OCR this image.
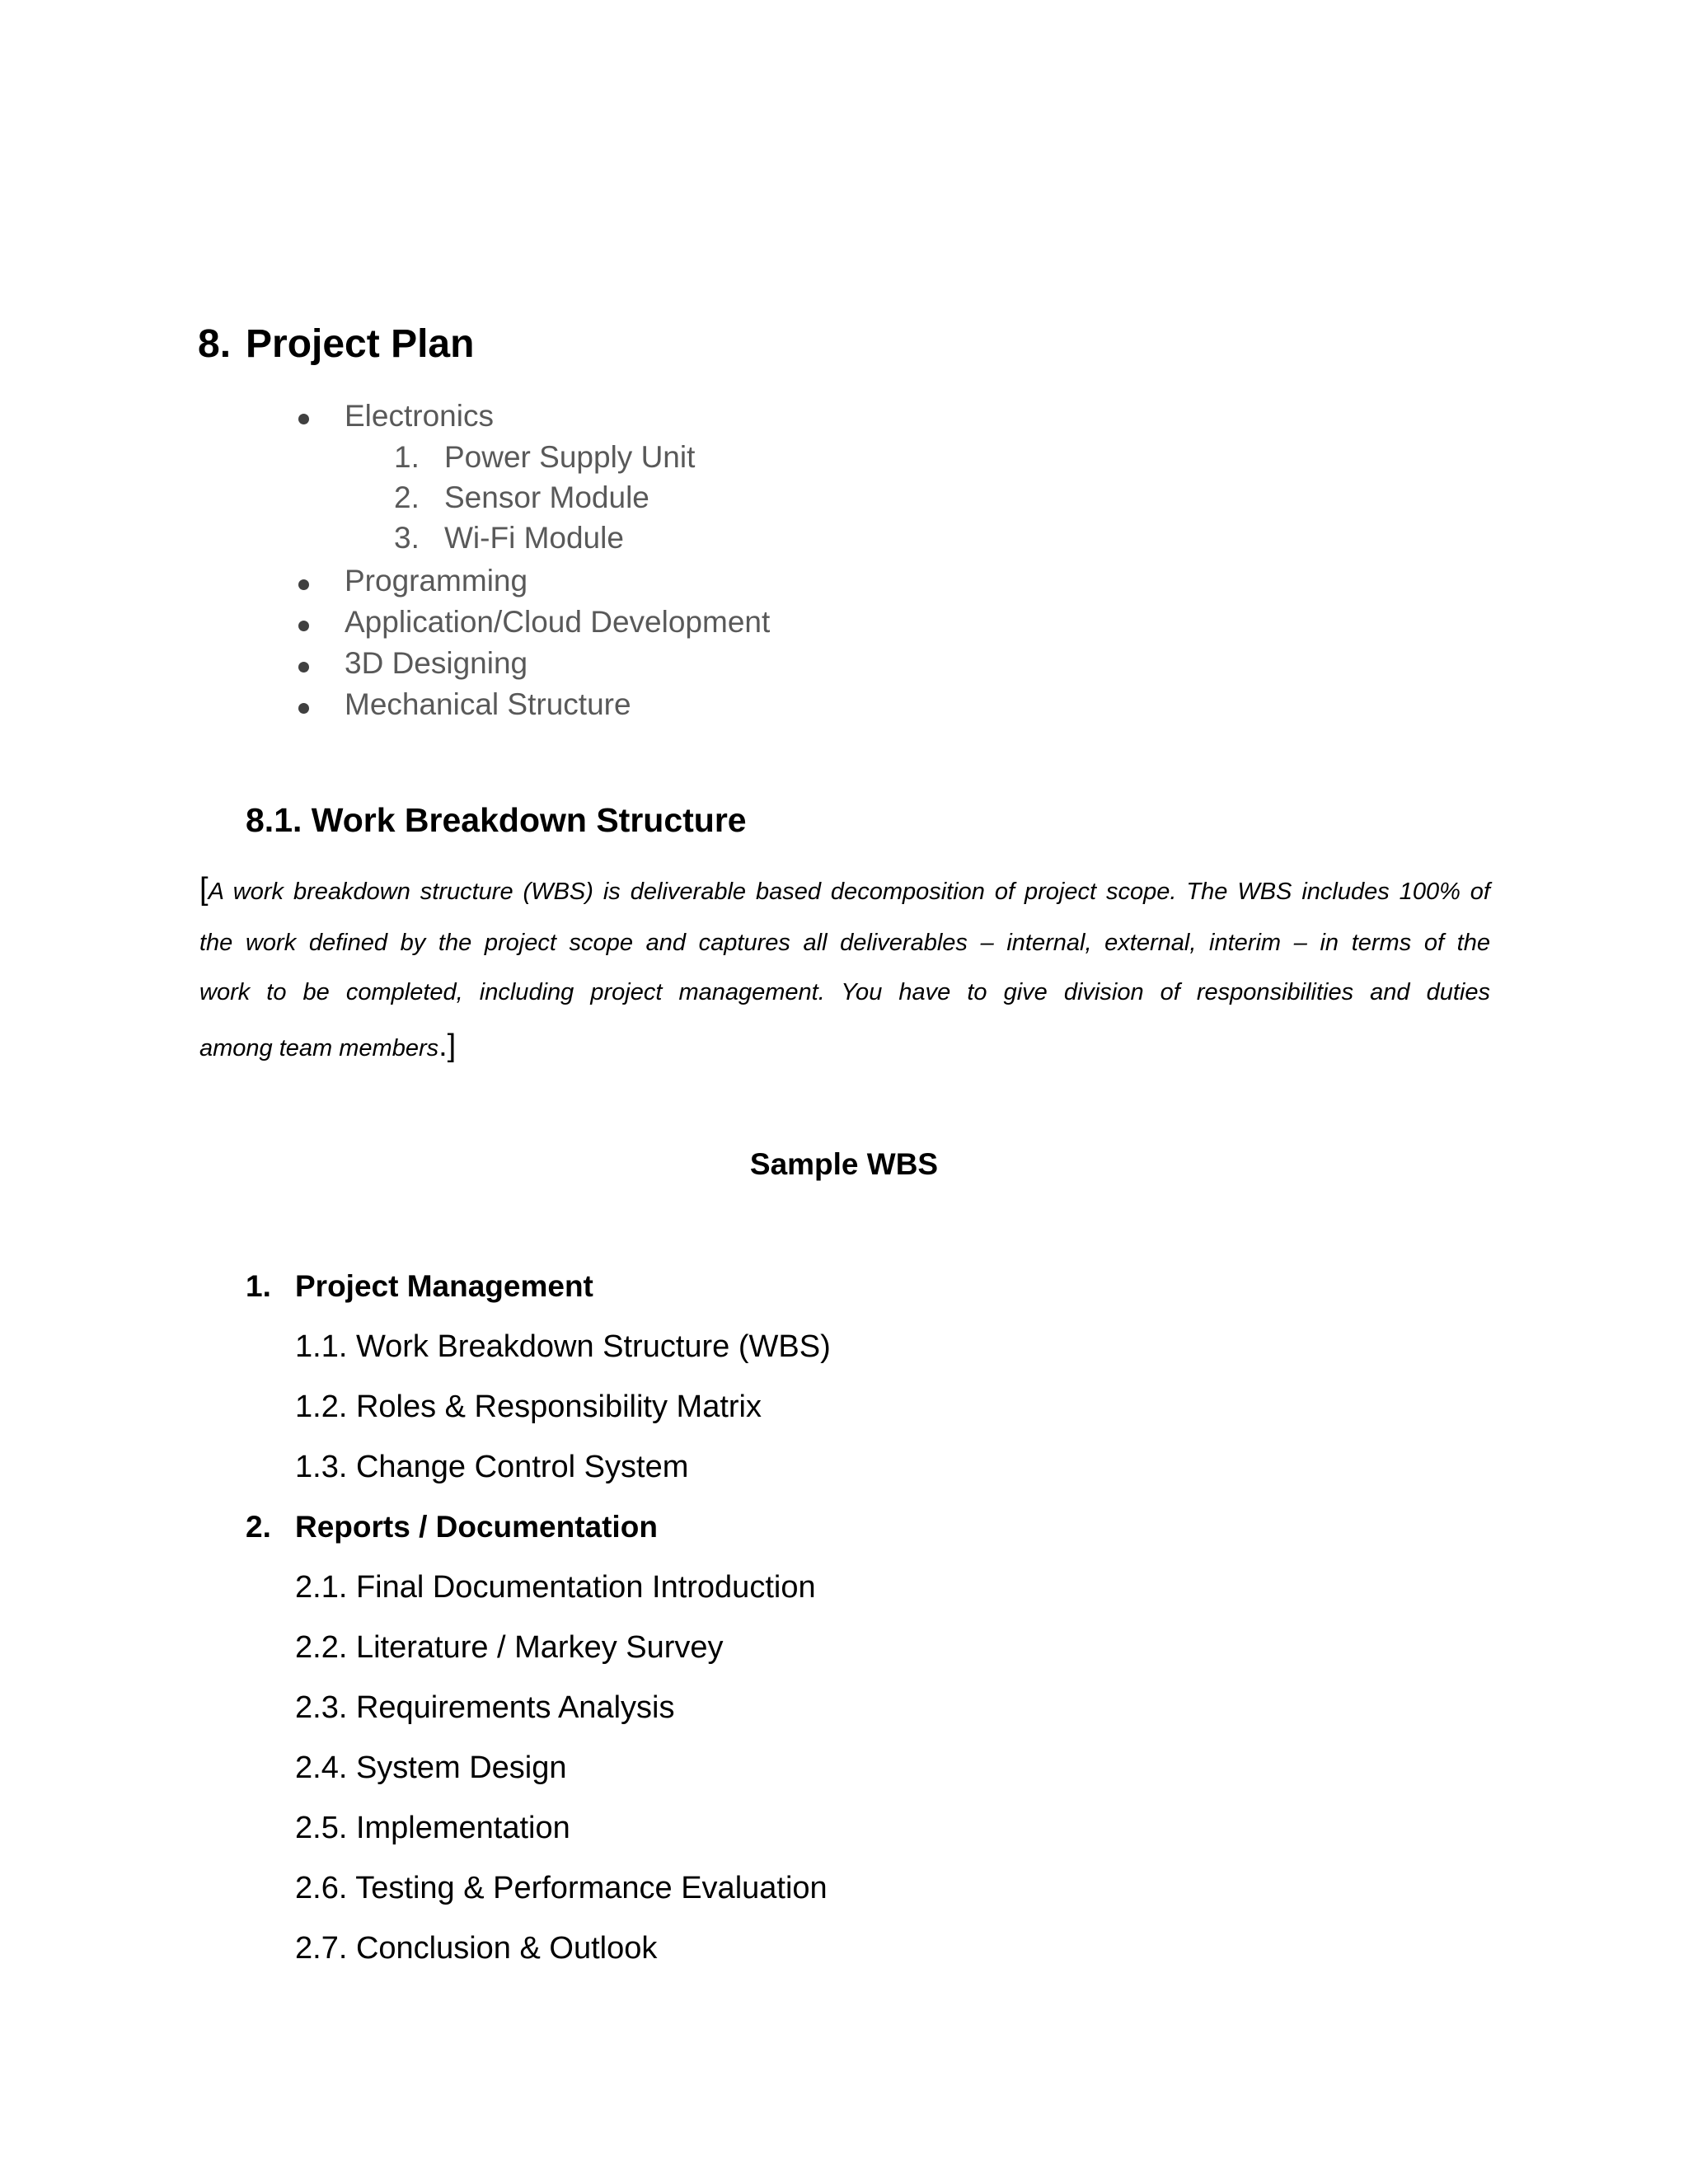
8. Project Plan
Electronics
1. Power Supply Unit
2. Sensor Module
3. Wi-Fi Module
Programming
Application/Cloud Development
3D Designing
Mechanical Structure
8.1. Work Breakdown Structure
[A work breakdown structure (WBS) is deliverable based decomposition of project scope. The WBS includes 100% of
the work defined by the project scope and captures all deliverables – internal, external, interim – in terms of the
work to be completed, including project management. You have to give division of responsibilities and duties
among team members.]
Sample WBS
1. Project Management
1.1. Work Breakdown Structure (WBS)
1.2. Roles & Responsibility Matrix
1.3. Change Control System
2. Reports / Documentation
2.1. Final Documentation Introduction
2.2. Literature / Markey Survey
2.3. Requirements Analysis
2.4. System Design
2.5. Implementation
2.6. Testing & Performance Evaluation
2.7. Conclusion & Outlook
